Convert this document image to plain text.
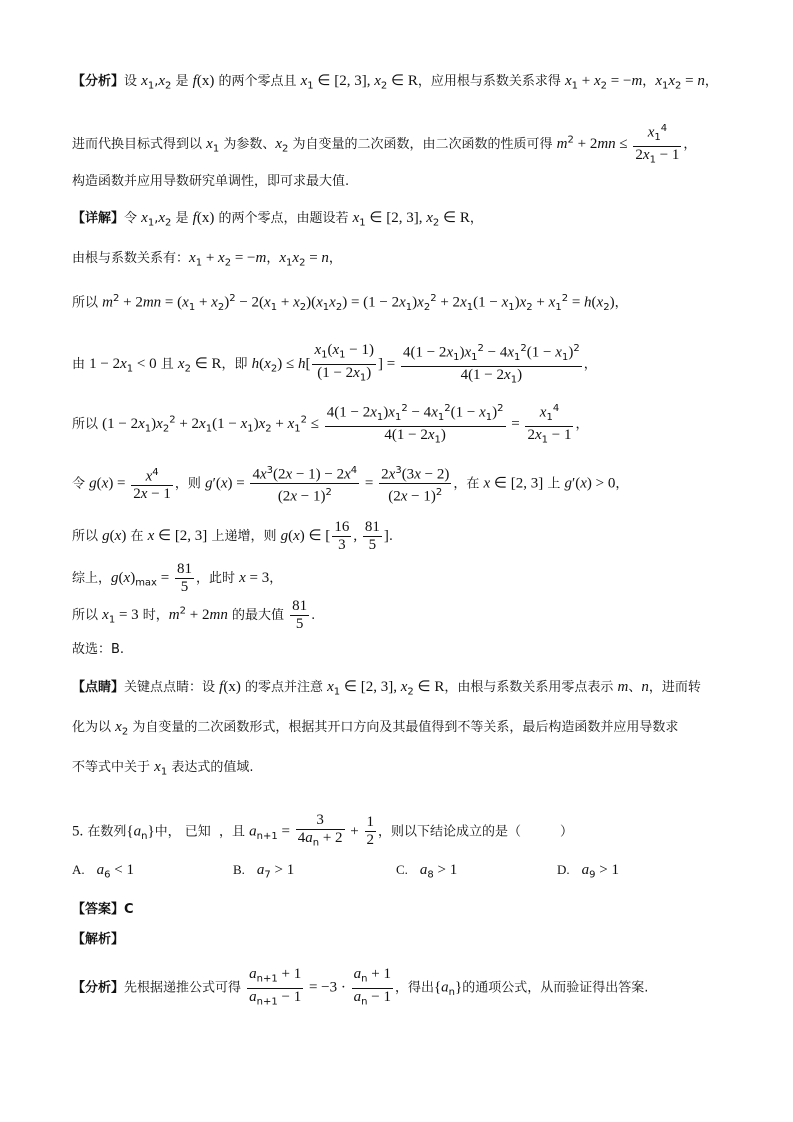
【分析】设 $x_1,x_2$ 是 f(x) 的两个零点且 $x_1$ ∈ [2, 3], $x_2$ ∈ R，应用根与系数关系求得 $x_1 + x_2 = -m$，$x_1x_2 = n$，
进而代换目标式得到以 $x_1$ 为参数、$x_2$ 为自变量的二次函数，由二次函数的性质可得 $m^2 + 2mn \le \frac{x_1^4}{2x_1 - 1}$ ，
构造函数并应用导数研究单调性，即可求最大值.
【详解】令 $x_1,x_2$ 是 f(x) 的两个零点，由题设若 $x_1$ ∈ [2, 3], $x_2$ ∈ R，
由根与系数关系有：$x_1 + x_2 = -m$，$x_1x_2 = n$，
所以 $m^2 + 2mn = (x_1 + x_2)^2 - 2(x_1 + x_2)(x_1x_2) = (1 - 2x_1)x_2^2 + 2x_1(1 - x_1)x_2 + x_1^2 = h(x_2)$，
由 $1 - 2x_1 < 0$ 且 $x_2$ ∈ R，即 $h(x_2) \le h[ \frac{x_1(x_1 - 1)}{(1 - 2x_1)}$ ] = $\frac{4(1 - 2x_1)x_1^2 - 4x_1^2(1 - x_1)^2}{4(1 - 2x_1)}$ ，
所以 $(1 - 2x_1)x_2^2 + 2x_1(1 - x_1)x_2 + x_1^2 \le \frac{4(1 - 2x_1)x_1^2 - 4x_1^2(1 - x_1)^2}{4(1 - 2x_1)} = \frac{x_1^4}{2x_1 - 1}$ ，
令 $g(x) = \frac{x^4}{2x - 1}$ ，则 $g'(x) = \frac{4x^3(2x - 1) - 2x^4}{(2x - 1)^2} = \frac{2x^3(3x - 2)}{(2x - 1)^2}$ ，在 x ∈ [2, 3] 上 g′(x) > 0，
所以 g(x) 在 x ∈ [2, 3] 上递增，则 g(x) ∈ [ $\frac{16}{3}$ , $\frac{81}{5}$ ].
综上，$g(x)_{max} = \frac{81}{5}$ ，此时 x = 3，
所以 $x_1 = 3$ 时，$m^2 + 2mn$ 的最大值 $\frac{81}{5}$ .
故选：B.
【点睛】关键点点睛：设 f(x) 的零点并注意 $x_1$ ∈ [2, 3], $x_2$ ∈ R，由根与系数关系用零点表示 m、n，进而转
化为以 $x_2$ 为自变量的二次函数形式，根据其开口方向及其最值得到不等关系，最后构造函数并应用导数求
不等式中关于 $x_1$ 表达式的值域.
5. 在数列$\{a_n\}$中， 已知  ，且 $a_{n+1} = \frac{3}{4a_n + 2} + \frac{1}{2}$ ，则以下结论成立的是（　　　）
A. $a_6 < 1$	B. $a_7 > 1$	C. $a_8 > 1$	D. $a_9 > 1$
【答案】C
【解析】
【分析】先根据递推公式可得 $\frac{a_{n+1} + 1}{a_{n+1} - 1} = -3 \cdot \frac{a_n + 1}{a_n - 1}$ ，得出$\{a_n\}$的通项公式，从而验证得出答案.
